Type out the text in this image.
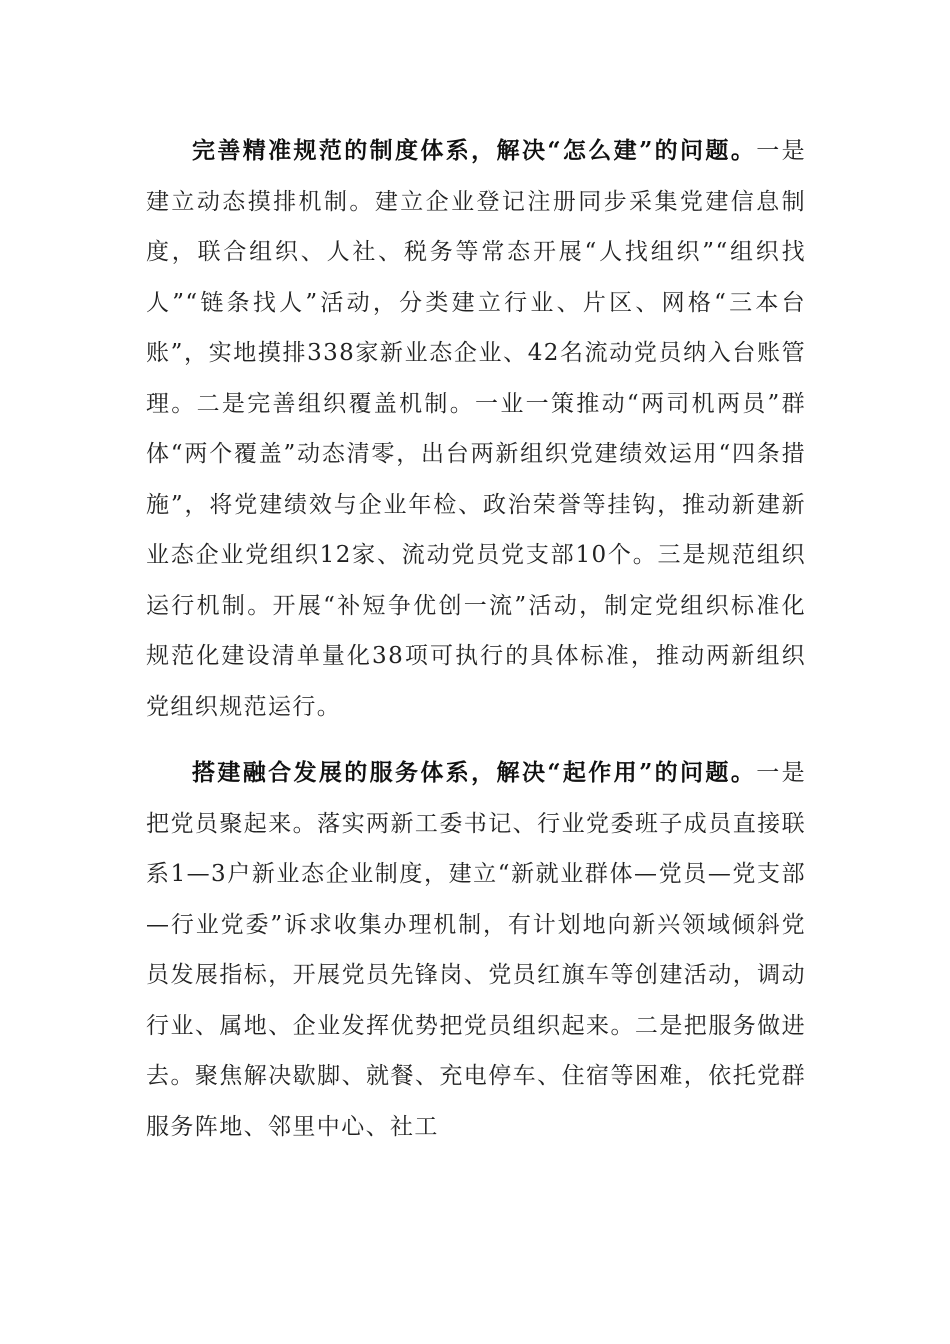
完善精准规范的制度体系，解决“怎么建”的问题。一是建立动态摸排机制。建立企业登记注册同步采集党建信息制度，联合组织、人社、税务等常态开展“人找组织”“组织找人”“链条找人”活动，分类建立行业、片区、网格“三本台账”，实地摸排338家新业态企业、42名流动党员纳入台账管理。二是完善组织覆盖机制。一业一策推动“两司机两员”群体“两个覆盖”动态清零，出台两新组织党建绩效运用“四条措施”，将党建绩效与企业年检、政治荣誉等挂钩，推动新建新业态企业党组织12家、流动党员党支部10个。三是规范组织运行机制。开展“补短争优创一流”活动，制定党组织标准化规范化建设清单量化38项可执行的具体标准，推动两新组织党组织规范运行。

搭建融合发展的服务体系，解决“起作用”的问题。一是把党员聚起来。落实两新工委书记、行业党委班子成员直接联系1—3户新业态企业制度，建立“新就业群体—党员—党支部—行业党委”诉求收集办理机制，有计划地向新兴领域倾斜党员发展指标，开展党员先锋岗、党员红旗车等创建活动，调动行业、属地、企业发挥优势把党员组织起来。二是把服务做进去。聚焦解决歇脚、就餐、充电停车、住宿等困难，依托党群服务阵地、邻里中心、社工
